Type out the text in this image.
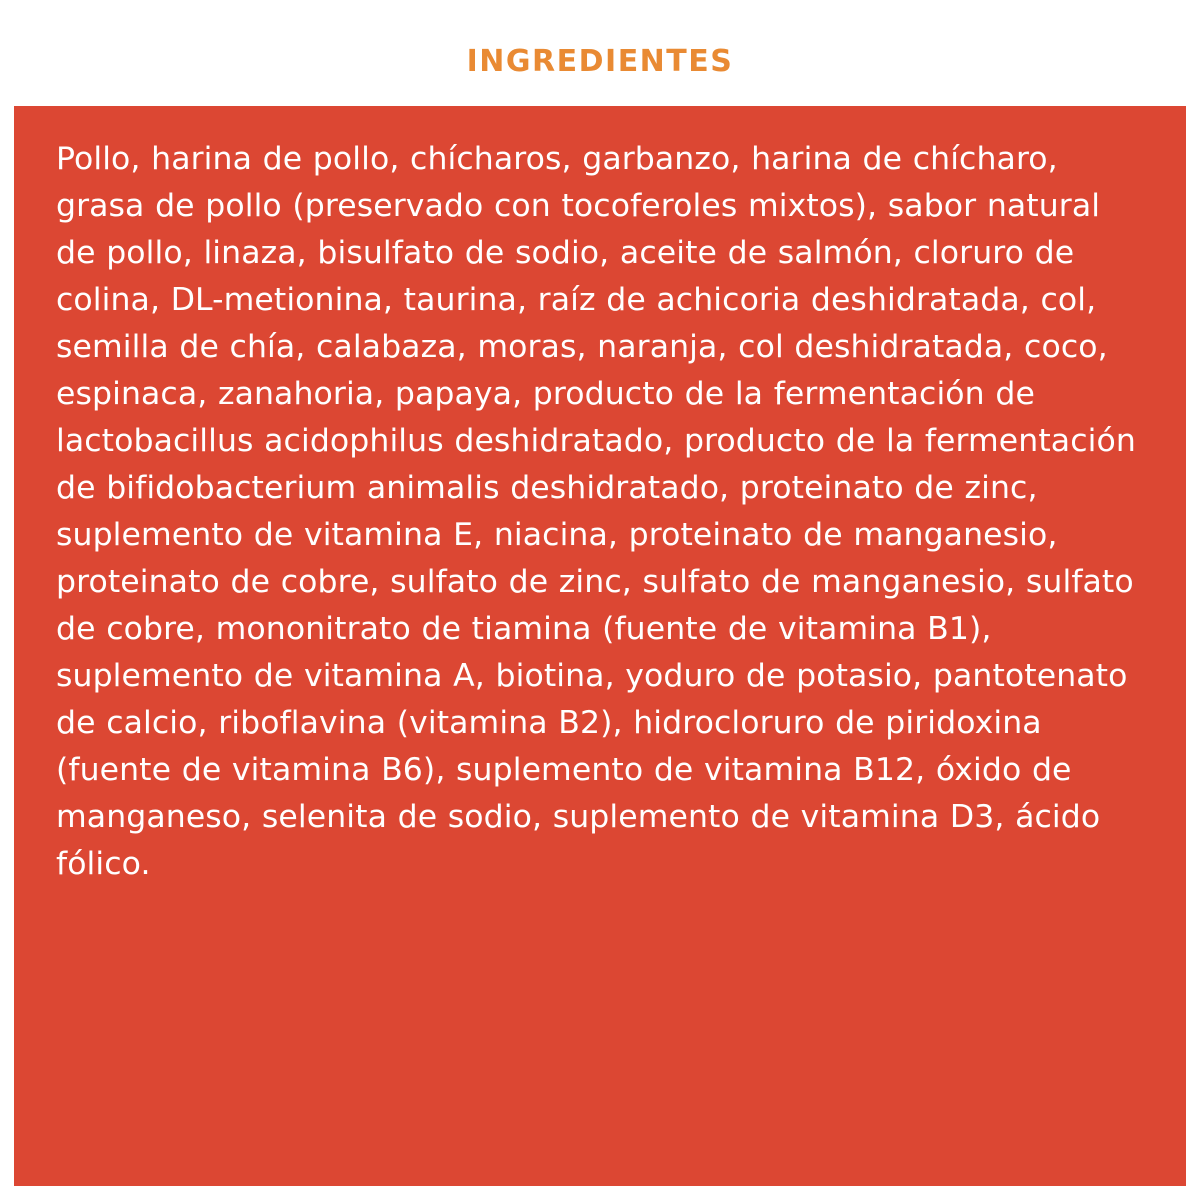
INGREDIENTES
Pollo, harina de pollo, chícharos, garbanzo, harina de chícharo, grasa de pollo (preservado con tocoferoles mixtos), sabor natural de pollo, linaza, bisulfato de sodio, aceite de salmón, cloruro de colina, DL-metionina, taurina, raíz de achicoria deshidratada, col, semilla de chía, calabaza, moras, naranja, col deshidratada, coco, espinaca, zanahoria, papaya, producto de la fermentación de lactobacillus acidophilus deshidratado, producto de la fermentación de bifidobacterium animalis deshidratado, proteinato de zinc, suplemento de vitamina E, niacina, proteinato de manganesio, proteinato de cobre, sulfato de zinc, sulfato de manganesio, sulfato de cobre, mononitrato de tiamina (fuente de vitamina B1), suplemento de vitamina A, biotina, yoduro de potasio, pantotenato de calcio, riboflavina (vitamina B2), hidrocloruro de piridoxina (fuente de vitamina B6), suplemento de vitamina B12, óxido de manganeso, selenita de sodio, suplemento de vitamina D3, ácido fólico.
